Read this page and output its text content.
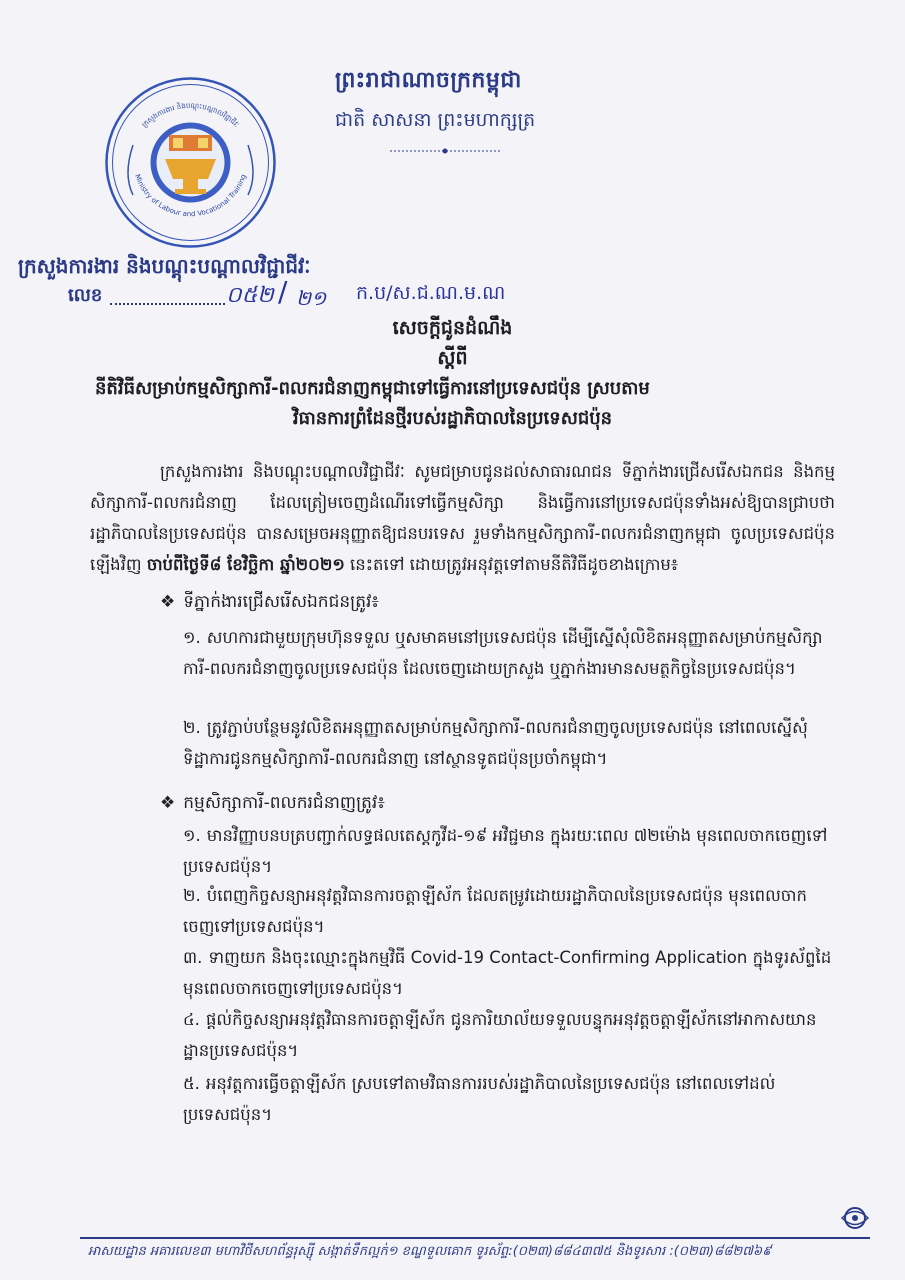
ក្រសួងការងារ និងបណ្ដុះបណ្ដាលវិជ្ជាជីវៈ
Ministry of Labour and Vocational Training
ព្រះរាជាណាចក្រកម្ពុជា
ជាតិ សាសនា ព្រះមហាក្សត្រ
ក្រសួងការងារ និងបណ្ដុះបណ្ដាលវិជ្ជាជីវៈ
លេខ	០៥២ / ២១ ក.ប/ស.ជ.ណ.ម.ណ
សេចក្ដីជូនដំណឹង
ស្ដីពី
នីតិវិធីសម្រាប់កម្មសិក្សាការី-ពលករជំនាញកម្ពុជាទៅធ្វើការនៅប្រទេសជប៉ុន ស្របតាម
វិធានការព្រំដែនថ្មីរបស់រដ្ឋាភិបាលនៃប្រទេសជប៉ុន
ក្រសួងការងារ និងបណ្ដុះបណ្ដាលវិជ្ជាជីវៈ សូមជម្រាបជូនដល់សាធារណជន ទីភ្នាក់ងារជ្រើសរើសឯកជន និងកម្មសិក្សាការី-ពលករជំនាញ ដែលត្រៀមចេញដំណើរទៅធ្វើកម្មសិក្សា និងធ្វើការនៅប្រទេសជប៉ុនទាំងអស់ឱ្យបានជ្រាបថា រដ្ឋាភិបាលនៃប្រទេសជប៉ុន បានសម្រេចអនុញ្ញាតឱ្យជនបរទេស រួមទាំងកម្មសិក្សាការី-ពលករជំនាញកម្ពុជា ចូលប្រទេសជប៉ុនឡើងវិញ ចាប់ពីថ្ងៃទី៨ ខែវិច្ឆិកា ឆ្នាំ២០២១ នេះតទៅ ដោយត្រូវអនុវត្តទៅតាមនីតិវិធីដូចខាងក្រោម៖
❖ ទីភ្នាក់ងារជ្រើសរើសឯកជនត្រូវ៖
១. សហការជាមួយក្រុមហ៊ុនទទួល ឬសមាគមនៅប្រទេសជប៉ុន ដើម្បីស្នើសុំលិខិតអនុញ្ញាតសម្រាប់កម្មសិក្សាការី-ពលករជំនាញចូលប្រទេសជប៉ុន ដែលចេញដោយក្រសួង ឬភ្នាក់ងារមានសមត្ថកិច្ចនៃប្រទេសជប៉ុន។
២. ត្រូវភ្ជាប់បន្ថែមនូវលិខិតអនុញ្ញាតសម្រាប់កម្មសិក្សាការី-ពលករជំនាញចូលប្រទេសជប៉ុន នៅពេលស្នើសុំទិដ្ឋាការជូនកម្មសិក្សាការី-ពលករជំនាញ នៅស្ថានទូតជប៉ុនប្រចាំកម្ពុជា។
❖ កម្មសិក្សាការី-ពលករជំនាញត្រូវ៖
១. មានវិញ្ញាបនបត្របញ្ជាក់លទ្ធផលតេស្តកូវីដ-១៩ អវិជ្ជមាន ក្នុងរយៈពេល ៧២ម៉ោង មុនពេលចាកចេញទៅប្រទេសជប៉ុន។
២. បំពេញកិច្ចសន្យាអនុវត្តវិធានការចត្តាឡីស័ក ដែលតម្រូវដោយរដ្ឋាភិបាលនៃប្រទេសជប៉ុន មុនពេលចាកចេញទៅប្រទេសជប៉ុន។
៣. ទាញយក និងចុះឈ្មោះក្នុងកម្មវិធី Covid-19 Contact-Confirming Application ក្នុងទូរស័ព្ទដៃ មុនពេលចាកចេញទៅប្រទេសជប៉ុន។
៤. ផ្ដល់កិច្ចសន្យាអនុវត្តវិធានការចត្តាឡីស័ក ជូនការិយាល័យទទួលបន្ទុកអនុវត្តចត្តាឡីស័កនៅអាកាសយានដ្ឋានប្រទេសជប៉ុន។
៥. អនុវត្តការធ្វើចត្តាឡីស័ក ស្របទៅតាមវិធានការរបស់រដ្ឋាភិបាលនៃប្រទេសជប៉ុន នៅពេលទៅដល់ប្រទេសជប៉ុន។
អាសយដ្ឋាន អគារលេខ៣ មហាវិថីសហព័ន្ធរុស្ស៊ី សង្កាត់ទឹកល្អក់១ ខណ្ឌទួលគោក ទូរស័ព្ទ:(០២៣)៨៨៤៣៧៥ និងទូរសារ :(០២៣)៨៨២៧៦៩
